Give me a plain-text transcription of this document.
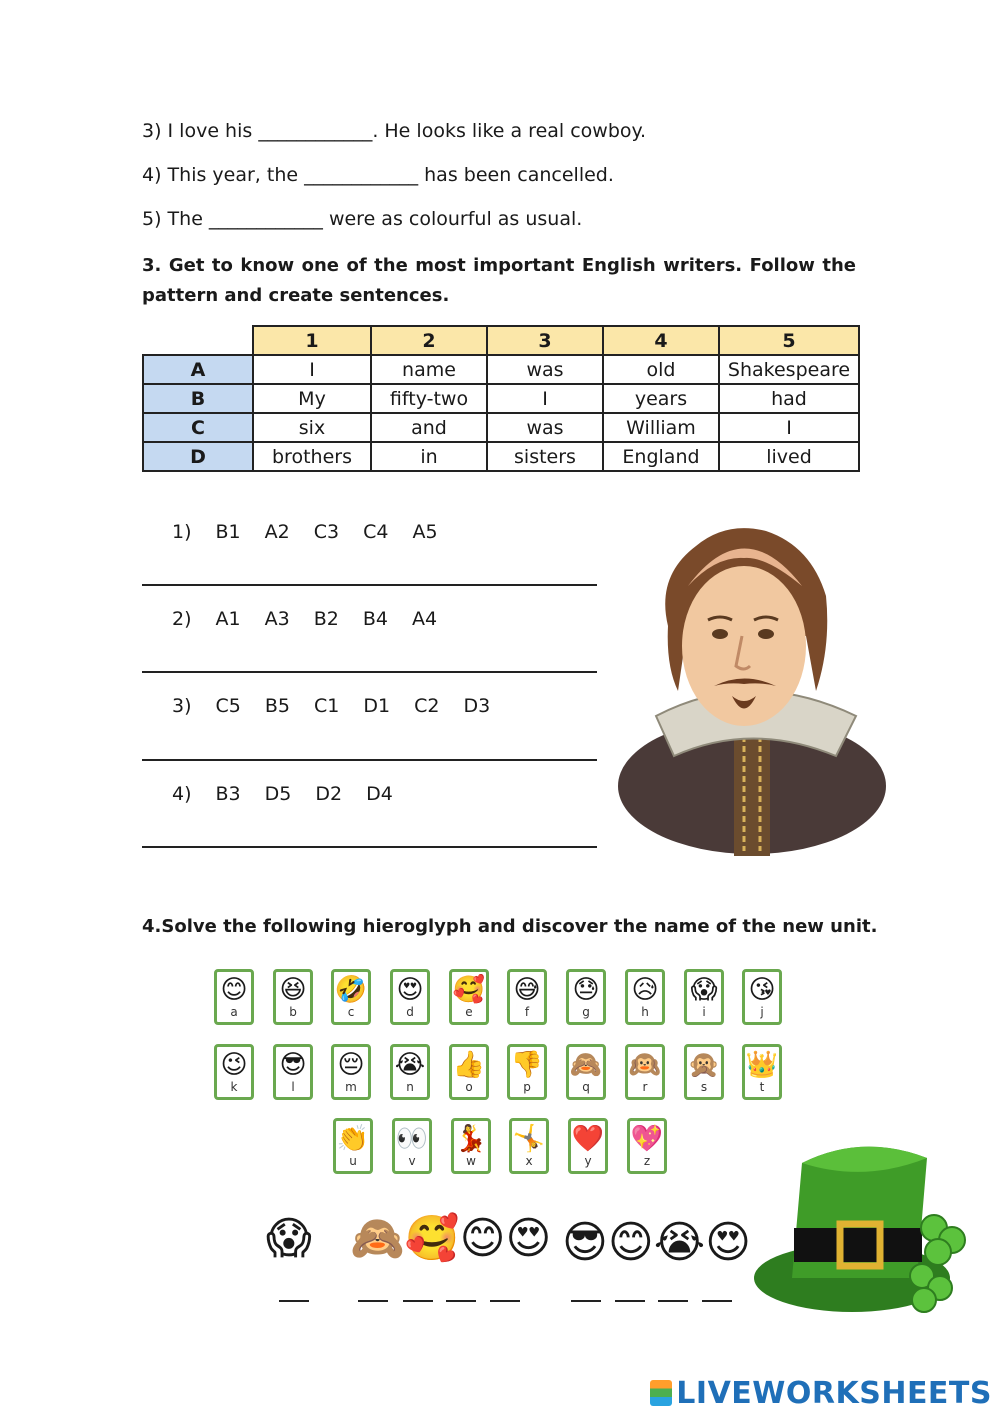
3) I love his ____________. He looks like a real cowboy.
4) This year, the ____________ has been cancelled.
5) The ____________ were as colourful as usual.
3. Get to know one of the most important English writers. Follow the pattern and create sentences.
	1	2	3	4	5
A	I	name	was	old	Shakespeare
B	My	fifty-two	I	years	had
C	six	and	was	William	I
D	brothers	in	sisters	England	lived
1) B1 A2 C3 C4 A5
2) A1 A3 B2 B4 A4
3) C5 B5 C1 D1 C2 D3
4) B3 D5 D2 D4
4.Solve the following hieroglyph and discover the name of the new unit.
😊
a
😆
b
🤣
c
😍
d
🥰
e
😅
f
😓
g
😥
h
😱
i
😘
j
😉
k
😎
l
😔
m
😭
n
👍
o
👎
p
🙈
q
🙉
r
🙊
s
👑
t
👏
u
👀
v
💃
w
🤸
x
❤️
y
💖
z
😱 🙈🥰😊😍 😎😊😭😍
LIVEWORKSHEETS
